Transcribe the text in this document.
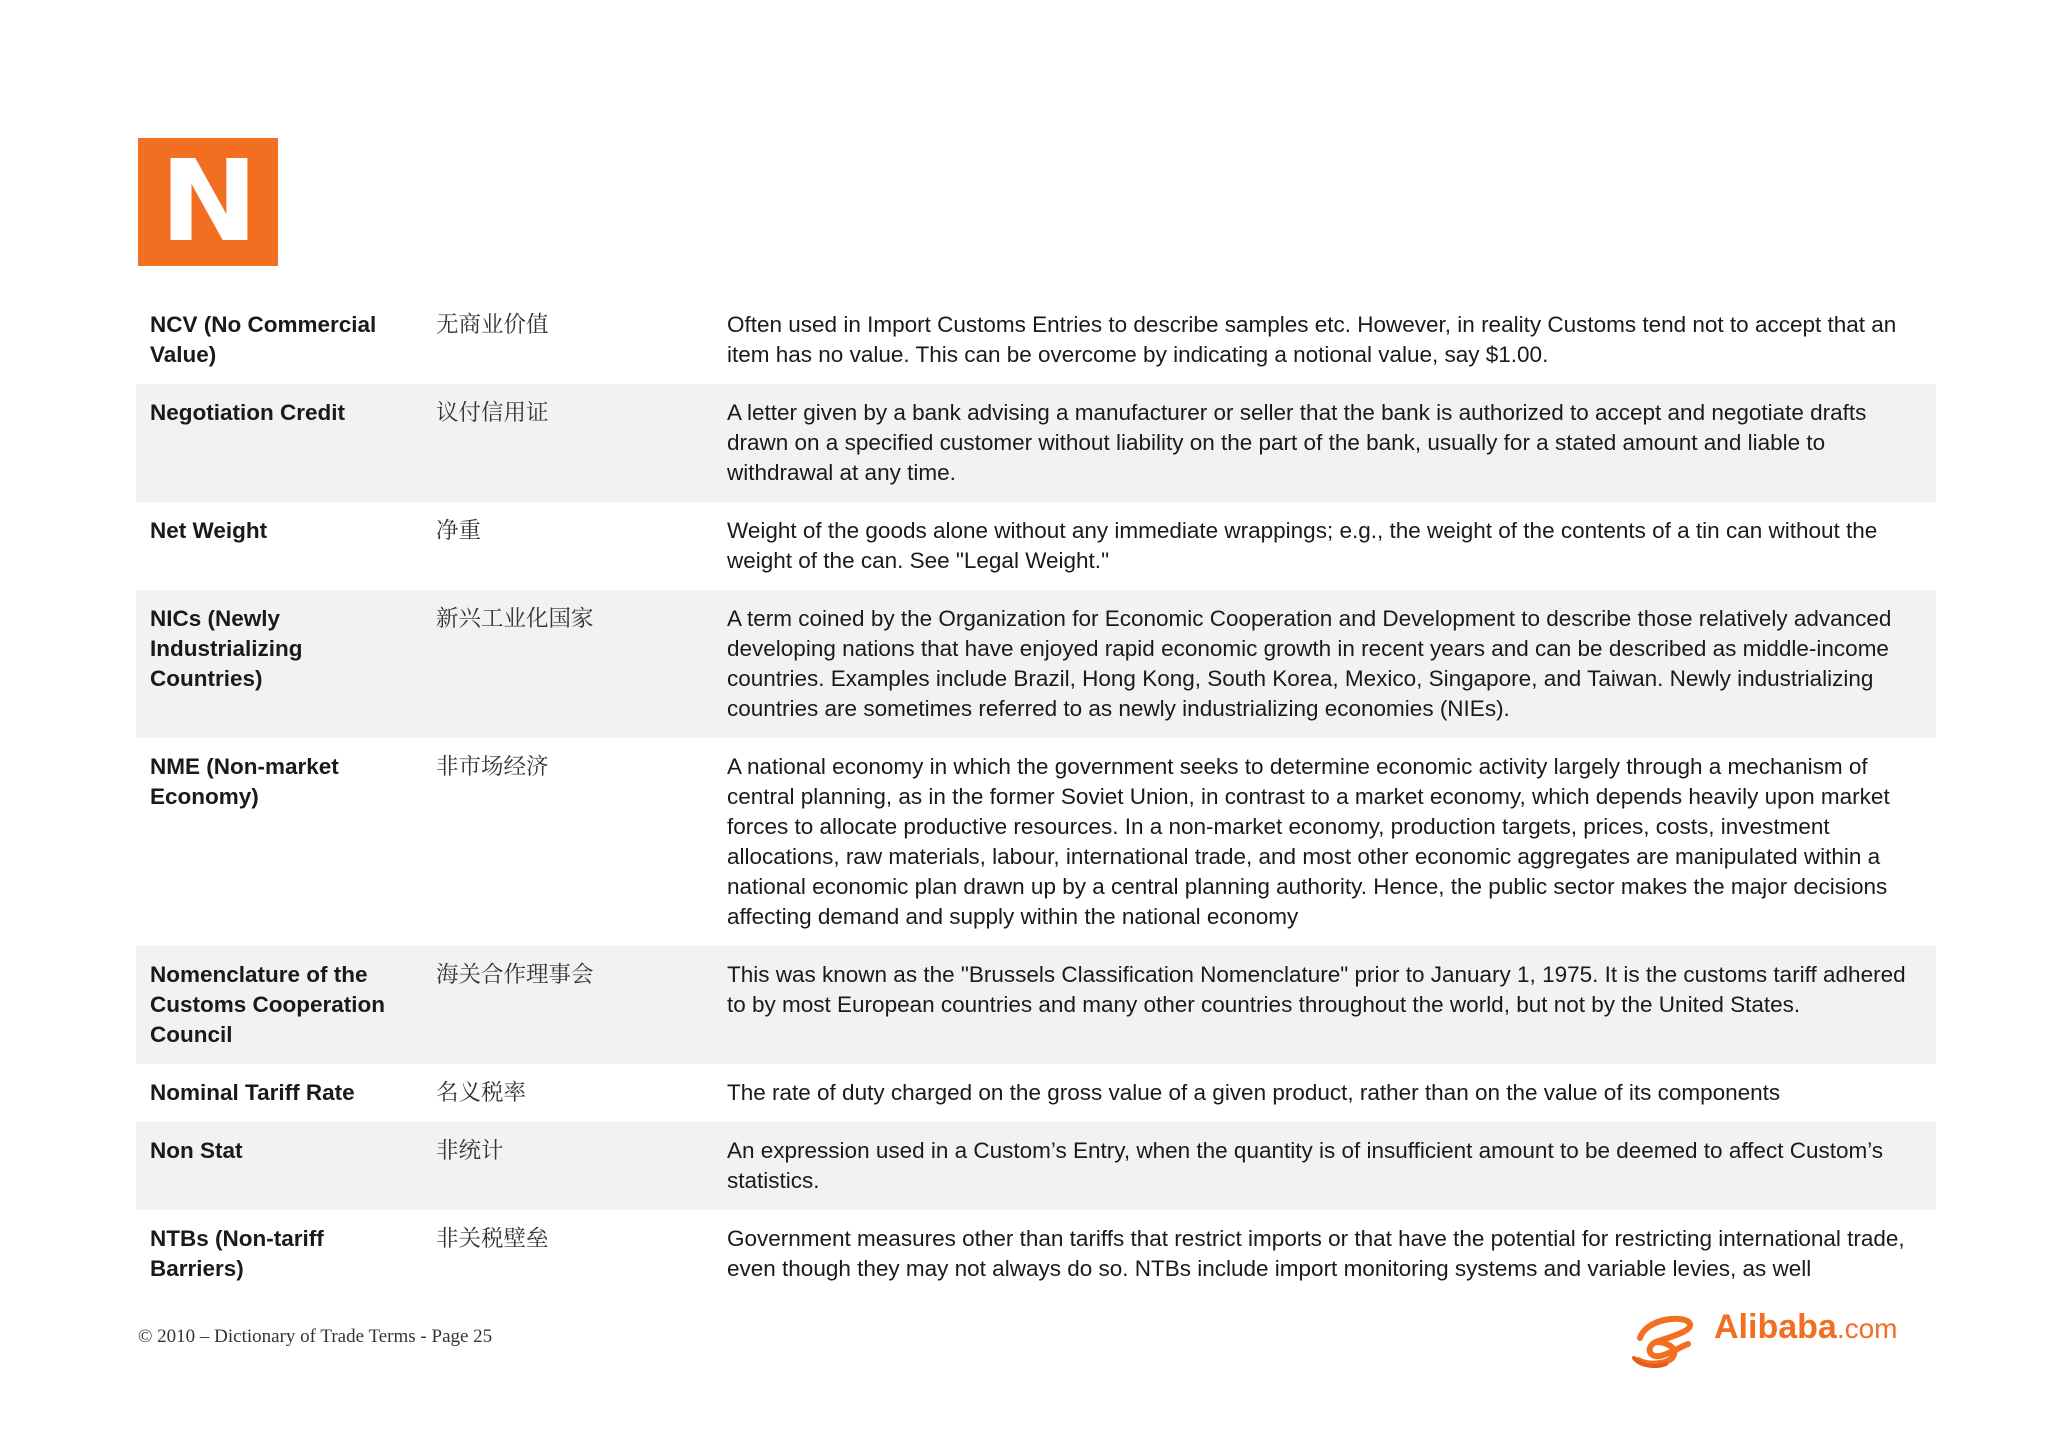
N
NCV (No Commercial Value)	无商业价值	Often used in Import Customs Entries to describe samples etc. However, in reality Customs tend not to accept that an item has no value. This can be overcome by indicating a notional value, say $1.00.
Negotiation Credit	议付信用证	A letter given by a bank advising a manufacturer or seller that the bank is authorized to accept and negotiate drafts drawn on a specified customer without liability on the part of the bank, usually for a stated amount and liable to withdrawal at any time.
Net Weight	净重	Weight of the goods alone without any immediate wrappings; e.g., the weight of the contents of a tin can without the weight of the can. See "Legal Weight."
NICs (Newly Industrializing Countries)	新兴工业化国家	A term coined by the Organization for Economic Cooperation and Development to describe those relatively advanced developing nations that have enjoyed rapid economic growth in recent years and can be described as middle-income countries. Examples include Brazil, Hong Kong, South Korea, Mexico, Singapore, and Taiwan. Newly industrializing countries are sometimes referred to as newly industrializing economies (NIEs).
NME (Non-market Economy)	非市场经济	A national economy in which the government seeks to determine economic activity largely through a mechanism of central planning, as in the former Soviet Union, in contrast to a market economy, which depends heavily upon market forces to allocate productive resources. In a non-market economy, production targets, prices, costs, investment allocations, raw materials, labour, international trade, and most other economic aggregates are manipulated within a national economic plan drawn up by a central planning authority. Hence, the public sector makes the major decisions affecting demand and supply within the national economy
Nomenclature of the Customs Cooperation Council	海关合作理事会	This was known as the "Brussels Classification Nomenclature" prior to January 1, 1975. It is the customs tariff adhered to by most European countries and many other countries throughout the world, but not by the United States.
Nominal Tariff Rate	名义税率	The rate of duty charged on the gross value of a given product, rather than on the value of its components
Non Stat	非统计	An expression used in a Custom’s Entry, when the quantity is of insufficient amount to be deemed to affect Custom’s statistics.
NTBs (Non-tariff Barriers)	非关税壁垒	Government measures other than tariffs that restrict imports or that have the potential for restricting international trade, even though they may not always do so. NTBs include import monitoring systems and variable levies, as well
© 2010 – Dictionary of Trade Terms - Page 25	Alibaba.com
